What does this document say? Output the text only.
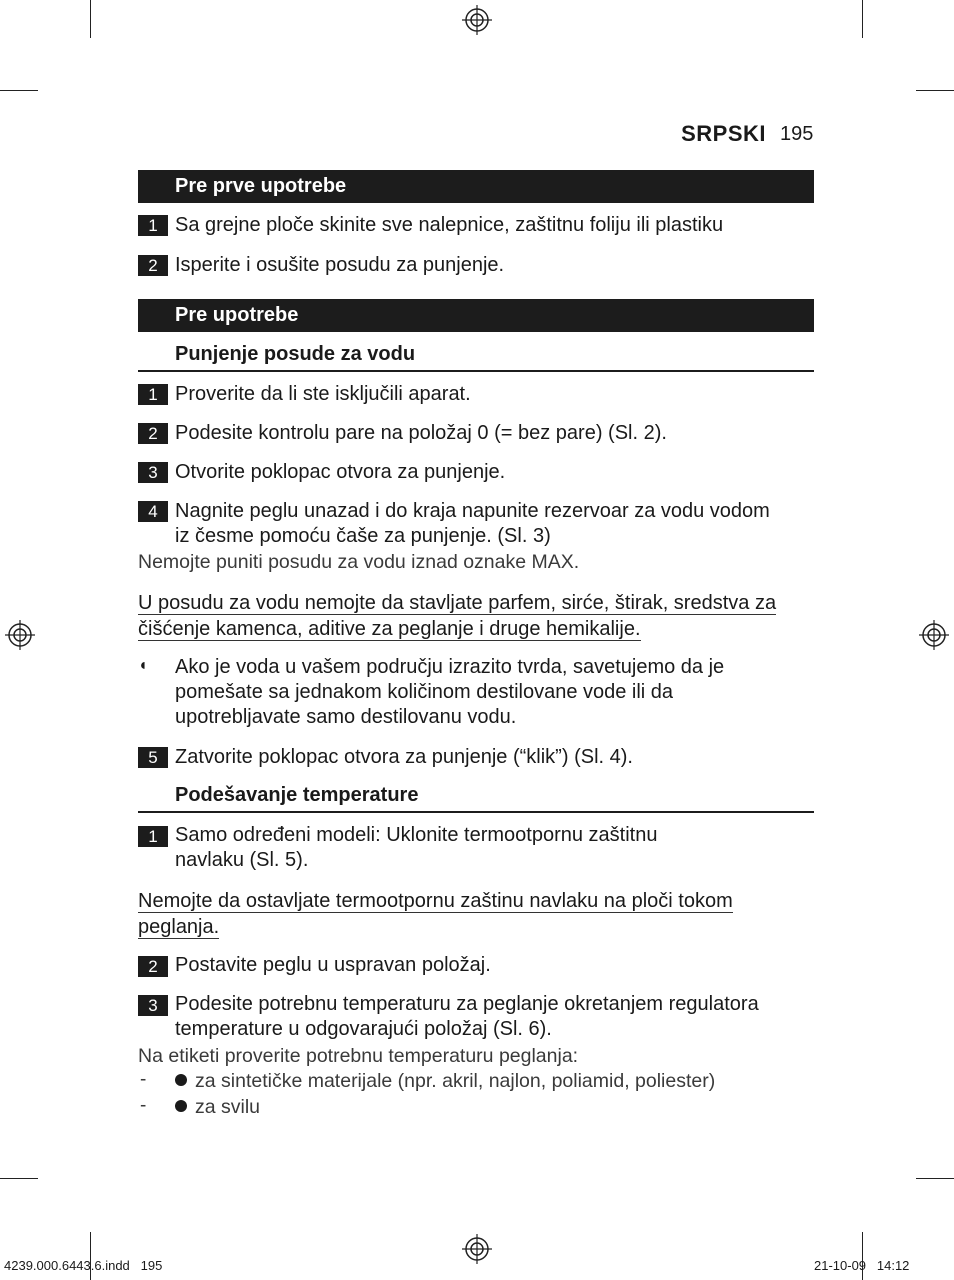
SRPSKI 195
Pre prve upotrebe
1 Sa grejne ploče skinite sve nalepnice, zaštitnu foliju ili plastiku
2 Isperite i osušite posudu za punjenje.
Pre upotrebe
Punjenje posude za vodu
1 Proverite da li ste isključili aparat.
2 Podesite kontrolu pare na položaj 0 (= bez pare) (Sl. 2).
3 Otvorite poklopac otvora za punjenje.
4 Nagnite peglu unazad i do kraja napunite rezervoar za vodu vodom
iz česme pomoću čaše za punjenje. (Sl. 3)
Nemojte puniti posudu za vodu iznad oznake MAX.
U posudu za vodu nemojte da stavljate parfem, sirće, štirak, sredstva za
čišćenje kamenca, aditive za peglanje i druge hemikalije.
◖ Ako je voda u vašem području izrazito tvrda, savetujemo da je
pomešate sa jednakom količinom destilovane vode ili da
upotrebljavate samo destilovanu vodu.
5 Zatvorite poklopac otvora za punjenje (“klik”) (Sl. 4).
Podešavanje temperature
1 Samo određeni modeli: Uklonite termootpornu zaštitnu
navlaku (Sl. 5).
Nemojte da ostavljate termootpornu zaštinu navlaku na ploči tokom
peglanja.
2 Postavite peglu u uspravan položaj.
3 Podesite potrebnu temperaturu za peglanje okretanjem regulatora
temperature u odgovarajući položaj (Sl. 6).
Na etiketi proverite potrebnu temperaturu peglanja:
-	za sintetičke materijale (npr. akril, najlon, poliamid, poliester)
-	za svilu
4239.000.6443.6.indd   195	21-10-09   14:12
